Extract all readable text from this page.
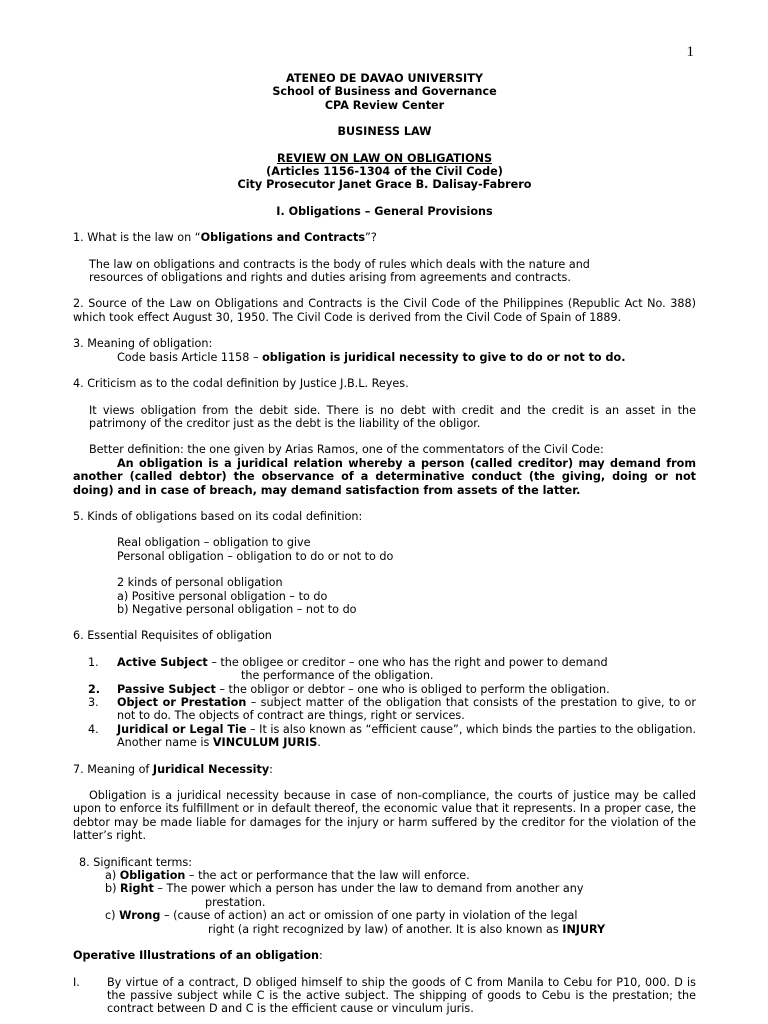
1
ATENEO DE DAVAO UNIVERSITY
School of Business and Governance
CPA Review Center
BUSINESS LAW
REVIEW ON LAW ON OBLIGATIONS
(Articles 1156-1304 of the Civil Code)
City Prosecutor Janet Grace B. Dalisay-Fabrero
I. Obligations – General Provisions
1. What is the law on “Obligations and Contracts”?
The law on obligations and contracts is the body of rules which deals with the nature and
resources of obligations and rights and duties arising from agreements and contracts.
2. Source of the Law on Obligations and Contracts is the Civil Code of the Philippines (Republic Act No. 388) which took effect August 30, 1950. The Civil Code is derived from the Civil Code of Spain of 1889.
3. Meaning of obligation:
Code basis Article 1158 – obligation is juridical necessity to give to do or not to do.
4. Criticism as to the codal definition by Justice J.B.L. Reyes.
It views obligation from the debit side. There is no debt with credit and the credit is an asset in the patrimony of the creditor just as the debt is the liability of the obligor.
Better definition: the one given by Arias Ramos, one of the commentators of the Civil Code:
An obligation is a juridical relation whereby a person (called creditor) may demand from another (called debtor) the observance of a determinative conduct (the giving, doing or not doing) and in case of breach, may demand satisfaction from assets of the latter.
5. Kinds of obligations based on its codal definition:
Real obligation – obligation to give
Personal obligation – obligation to do or not to do
2 kinds of personal obligation
a) Positive personal obligation – to do
b) Negative personal obligation – not to do
6. Essential Requisites of obligation
1.	Active Subject – the obligee or creditor – one who has the right and power to demand
the performance of the obligation.
2.	Passive Subject – the obligor or debtor – one who is obliged to perform the obligation.
3.	Object or Prestation – subject matter of the obligation that consists of the prestation to give, to or not to do. The objects of contract are things, right or services.
4.	Juridical or Legal Tie – It is also known as “efficient cause”, which binds the parties to the obligation. Another name is VINCULUM JURIS.
7. Meaning of Juridical Necessity:
Obligation is a juridical necessity because in case of non-compliance, the courts of justice may be called upon to enforce its fulfillment or in default thereof, the economic value that it represents. In a proper case, the debtor may be made liable for damages for the injury or harm suffered by the creditor for the violation of the latter’s right.
8. Significant terms:
a) Obligation – the act or performance that the law will enforce.
b) Right – The power which a person has under the law to demand from another any
prestation.
c) Wrong – (cause of action) an act or omission of one party in violation of the legal
right (a right recognized by law) of another. It is also known as INJURY
Operative Illustrations of an obligation:
I.	By virtue of a contract, D obliged himself to ship the goods of C from Manila to Cebu for P10, 000. D is the passive subject while C is the active subject. The shipping of goods to Cebu is the prestation; the contract between D and C is the efficient cause or vinculum juris.
